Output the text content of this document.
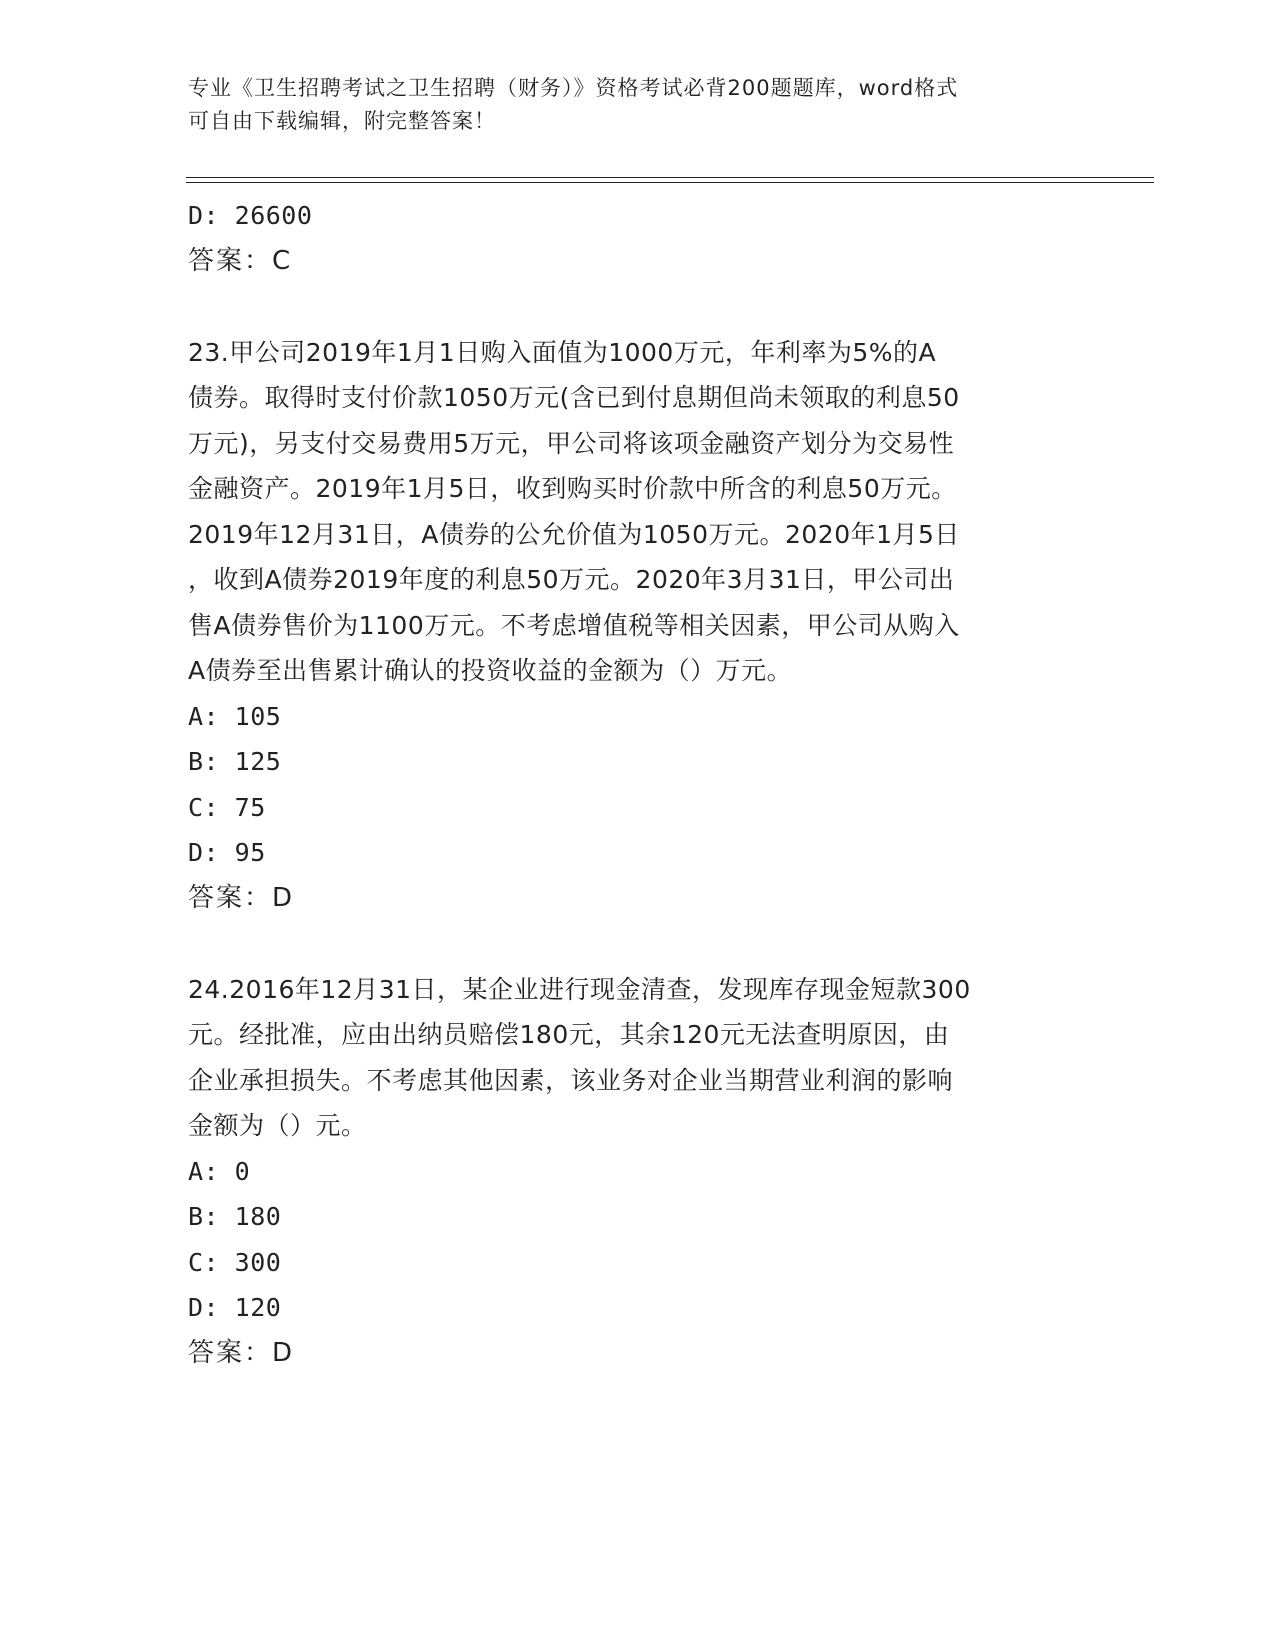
专业《卫生招聘考试之卫生招聘（财务）》资格考试必背200题题库，word格式
可自由下载编辑，附完整答案！
D: 26600
答案：C
23.甲公司2019年1月1日购入面值为1000万元，年利率为5%的A
债券。取得时支付价款1050万元(含已到付息期但尚未领取的利息50
万元)，另支付交易费用5万元，甲公司将该项金融资产划分为交易性
金融资产。2019年1月5日，收到购买时价款中所含的利息50万元。
2019年12月31日，A债券的公允价值为1050万元。2020年1月5日
，收到A债券2019年度的利息50万元。2020年3月31日，甲公司出
售A债券售价为1100万元。不考虑增值税等相关因素，甲公司从购入
A债券至出售累计确认的投资收益的金额为（）万元。
A: 105
B: 125
C: 75
D: 95
答案：D
24.2016年12月31日，某企业进行现金清查，发现库存现金短款300
元。经批准，应由出纳员赔偿180元，其余120元无法查明原因，由
企业承担损失。不考虑其他因素，该业务对企业当期营业利润的影响
金额为（）元。
A: 0
B: 180
C: 300
D: 120
答案：D
